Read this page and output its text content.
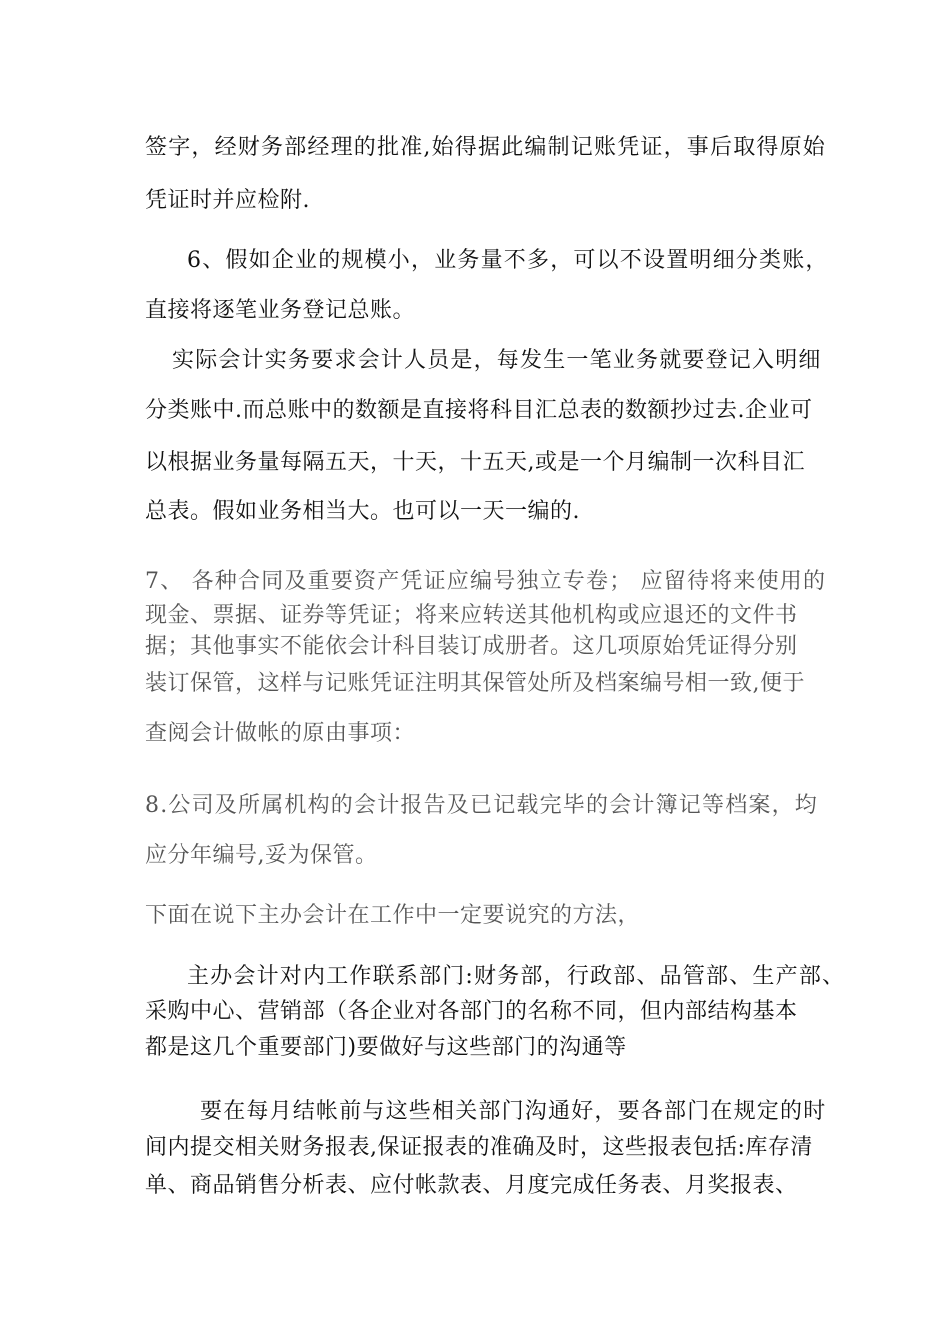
签字，经财务部经理的批准,始得据此编制记账凭证，事后取得原始
凭证时并应检附.
6、假如企业的规模小，业务量不多，可以不设置明细分类账，
直接将逐笔业务登记总账。
实际会计实务要求会计人员是，每发生一笔业务就要登记入明细
分类账中.而总账中的数额是直接将科目汇总表的数额抄过去.企业可
以根据业务量每隔五天，十天，十五天,或是一个月编制一次科目汇
总表。假如业务相当大。也可以一天一编的.
7、 各种合同及重要资产凭证应编号独立专卷； 应留待将来使用的
现金、票据、证券等凭证；将来应转送其他机构或应退还的文件书
据；其他事实不能依会计科目装订成册者。这几项原始凭证得分别
装订保管，这样与记账凭证注明其保管处所及档案编号相一致,便于
查阅会计做帐的原由事项：
8.公司及所属机构的会计报告及已记载完毕的会计簿记等档案，均
应分年编号,妥为保管。
下面在说下主办会计在工作中一定要说究的方法，
主办会计对内工作联系部门:财务部，行政部、品管部、生产部、
采购中心、营销部（各企业对各部门的名称不同，但内部结构基本
都是这几个重要部门)要做好与这些部门的沟通等
要在每月结帐前与这些相关部门沟通好，要各部门在规定的时
间内提交相关财务报表,保证报表的准确及时，这些报表包括:库存清
单、商品销售分析表、应付帐款表、月度完成任务表、月奖报表、
